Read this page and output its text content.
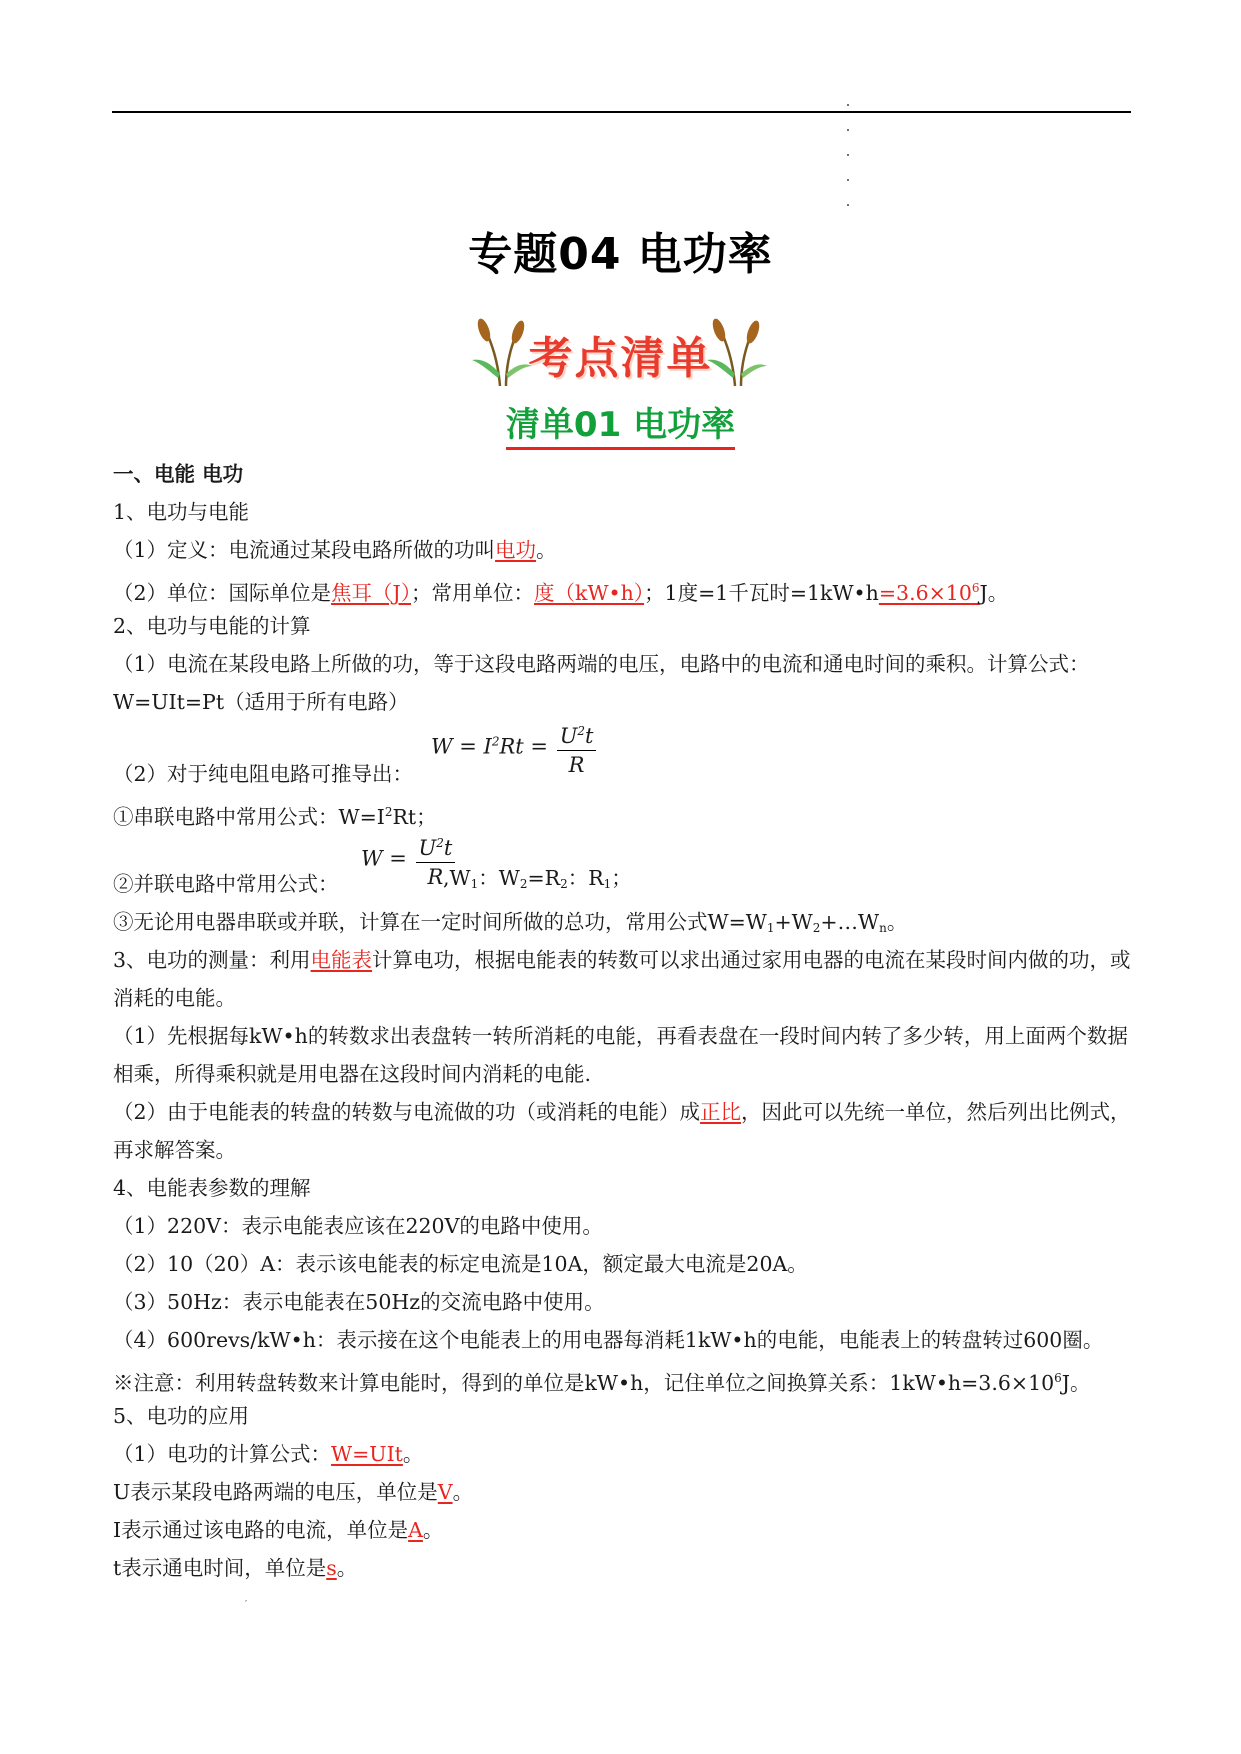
专题04 电功率
考点清单
清单01 电功率
一、电能 电功
1、电功与电能
（1）定义：电流通过某段电路所做的功叫电功。
（2）单位：国际单位是焦耳（J）；常用单位：度（kW•h）；1度=1千瓦时$=1kW•h=3.6\times 10^6J$。
2、电功与电能的计算
（1）电流在某段电路上所做的功，等于这段电路两端的电压，电路中的电流和通电时间的乘积。计算公式：W=UIt=Pt（适用于所有电路）
（2）对于纯电阻电路可推导出：
$W = I^2Rt = \frac{U^2t}{R}$
①串联电路中常用公式：$W=I^2Rt$；
②并联电路中常用公式：
$W = \frac{U^2t}{R}$
$,W_1$：$W_2=R_2$：$R_1$；
③无论用电器串联或并联，计算在一定时间所做的总功，常用公式$W=W_1+W_2+\dots W_n$。
3、电功的测量：利用电能表计算电功，根据电能表的转数可以求出通过家用电器的电流在某段时间内做的功，或消耗的电能。
（1）先根据每kW•h的转数求出表盘转一转所消耗的电能，再看表盘在一段时间内转了多少转，用上面两个数据相乘，所得乘积就是用电器在这段时间内消耗的电能.
（2）由于电能表的转盘的转数与电流做的功（或消耗的电能）成正比，因此可以先统一单位，然后列出比例式，再求解答案。
4、电能表参数的理解
（1）220V：表示电能表应该在220V的电路中使用。
（2）10（20）A：表示该电能表的标定电流是10A，额定最大电流是20A。
（3）50Hz：表示电能表在50Hz的交流电路中使用。
（4）600revs/kW•h：表示接在这个电能表上的用电器每消耗1kW•h的电能，电能表上的转盘转过600圈。
※注意：利用转盘转数来计算电能时，得到的单位是kW•h，记住单位之间换算关系：$1kW•h=3.6\times 10^6J$。
5、电功的应用
（1）电功的计算公式：W=UIt。
U表示某段电路两端的电压，单位是V。
I表示通过该电路的电流，单位是A。
t表示通电时间，单位是s。
′
